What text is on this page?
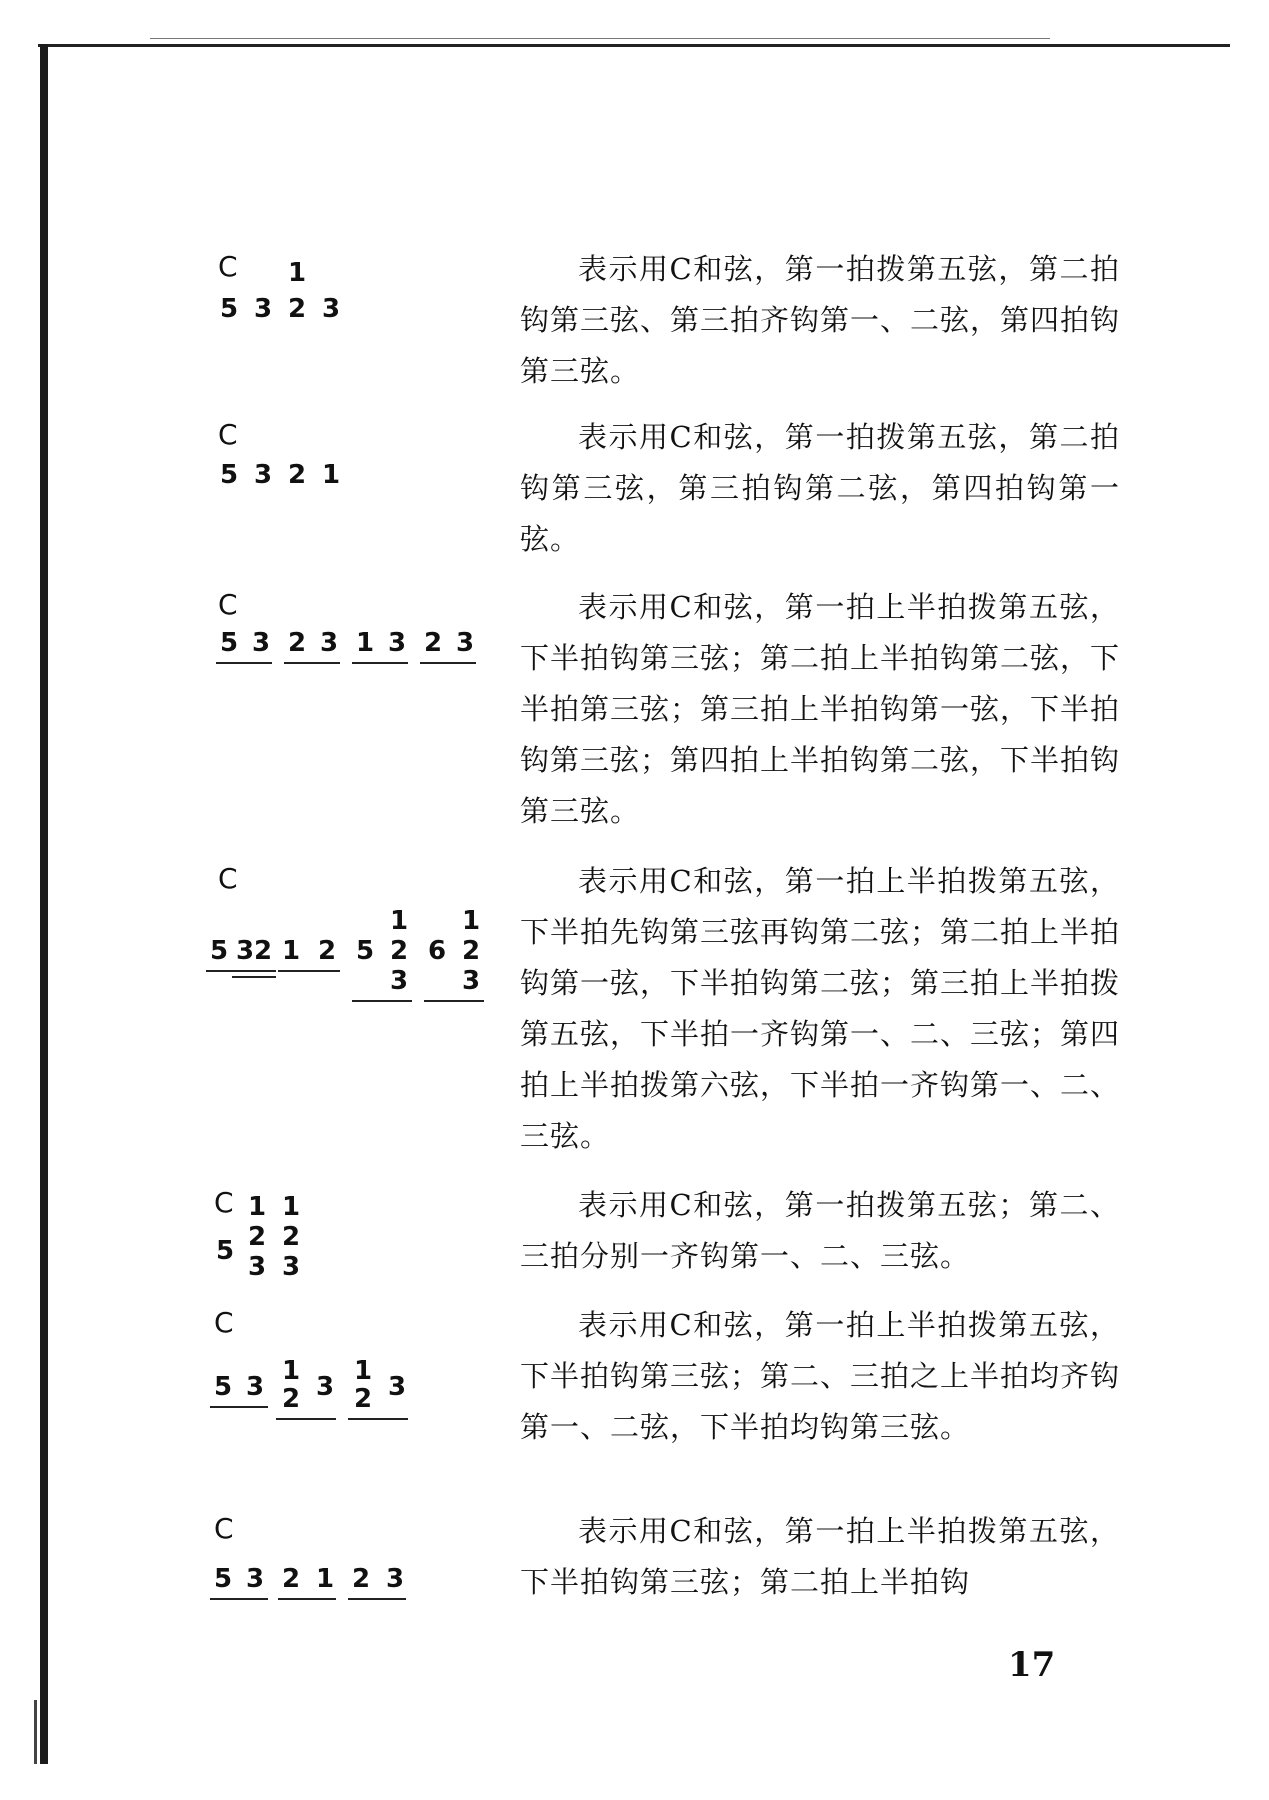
C 1
5 3 2 3

表示用C和弦，第一拍拨第五弦，第二拍钩第三弦、第三拍齐钩第一、二弦，第四拍钩第三弦。

C
5 3 2 1

表示用C和弦，第一拍拨第五弦，第二拍钩第三弦，第三拍钩第二弦，第四拍钩第一弦。

C
5 3 2 3 1 3 2 3

表示用C和弦，第一拍上半拍拨第五弦，下半拍钩第三弦；第二拍上半拍钩第二弦，下半拍第三弦；第三拍上半拍钩第一弦，下半拍钩第三弦；第四拍上半拍钩第二弦，下半拍钩第三弦。

C
5 3 2 1 2 5
1
2
3
6
1
2
3

表示用C和弦，第一拍上半拍拨第五弦，下半拍先钩第三弦再钩第二弦；第二拍上半拍钩第一弦，下半拍钩第二弦；第三拍上半拍拨第五弦，下半拍一齐钩第一、二、三弦；第四拍上半拍拨第六弦，下半拍一齐钩第一、二、三弦。

C
5
1
2
3
1
2
3

表示用C和弦，第一拍拨第五弦；第二、三拍分别一齐钩第一、二、三弦。

C
5 3
1
2 3
1
2 3

表示用C和弦，第一拍上半拍拨第五弦，下半拍钩第三弦；第二、三拍之上半拍均齐钩第一、二弦，下半拍均钩第三弦。

C
5 3 2 1 2 3

表示用C和弦，第一拍上半拍拨第五弦，下半拍钩第三弦；第二拍上半拍钩

17
